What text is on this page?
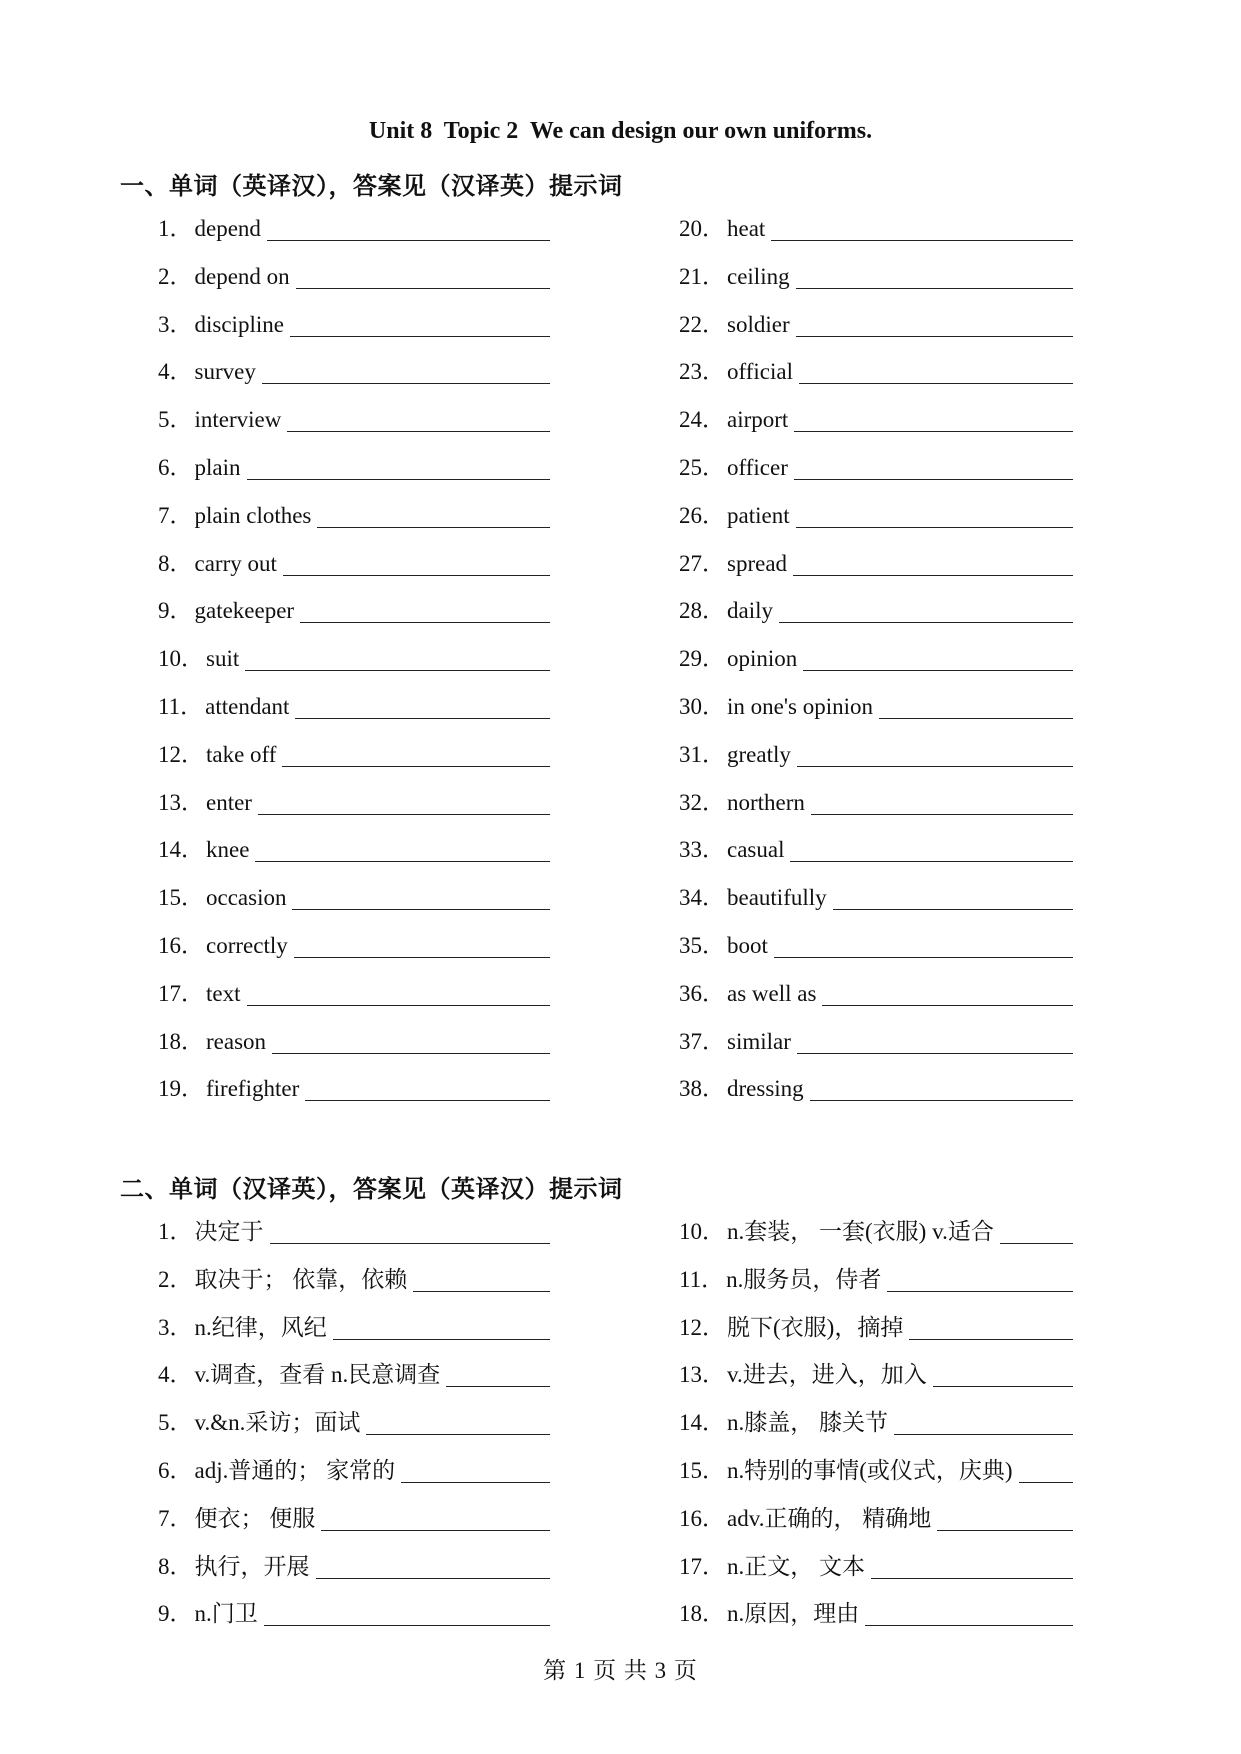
Unit 8  Topic 2  We can design our own uniforms.
一、单词（英译汉），答案见（汉译英）提示词
1． depend
2． depend on
3． discipline
4． survey
5． interview
6． plain
7． plain clothes
8． carry out
9． gatekeeper
10． suit
11． attendant
12． take off
13． enter
14． knee
15． occasion
16． correctly
17． text
18． reason
19． firefighter
20． heat
21． ceiling
22． soldier
23． official
24． airport
25． officer
26． patient
27． spread
28． daily
29． opinion
30． in one's opinion
31． greatly
32． northern
33． casual
34． beautifully
35． boot
36． as well as
37． similar
38． dressing
二、单词（汉译英），答案见（英译汉）提示词
1． 决定于
2． 取决于； 依靠，依赖
3． n.纪律，风纪
4． v.调查，查看 n.民意调查
5． v.&n.采访；面试
6． adj.普通的； 家常的
7． 便衣； 便服
8． 执行，开展
9． n.门卫
10． n.套装， 一套(衣服) v.适合
11． n.服务员，侍者
12． 脱下(衣服)，摘掉
13． v.进去，进入，加入
14． n.膝盖， 膝关节
15． n.特别的事情(或仪式，庆典)
16． adv.正确的， 精确地
17． n.正文， 文本
18． n.原因，理由
第 1 页 共 3 页
